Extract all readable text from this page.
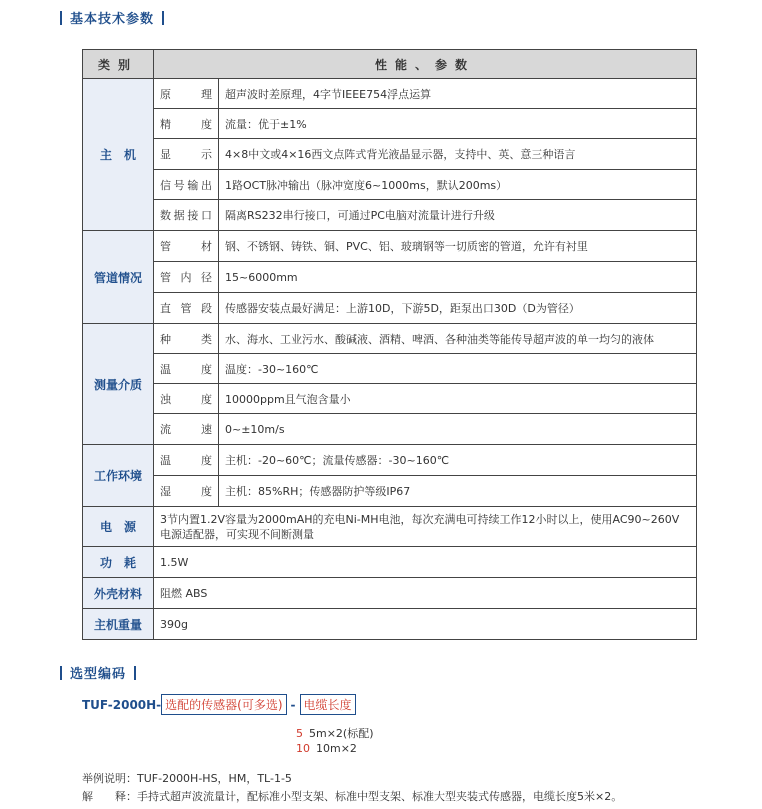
基本技术参数
类别	性能、参数	
主　机	原理	超声波时差原理，4字节IEEE754浮点运算
	精度	流量：优于±1%
	显示	4×8中文或4×16西文点阵式背光液晶显示器，支持中、英、意三种语言
	信号输出	1路OCT脉冲输出（脉冲宽度6~1000ms，默认200ms）
	数据接口	隔离RS232串行接口，可通过PC电脑对流量计进行升级
管道情况	管材	钢、不锈钢、铸铁、铜、PVC、铝、玻璃钢等一切质密的管道，允许有衬里
	管内径	15~6000mm
	直管段	传感器安装点最好满足：上游10D，下游5D，距泵出口30D（D为管径）
测量介质	种类	水、海水、工业污水、酸碱液、酒精、啤酒、各种油类等能传导超声波的单一均匀的液体
	温度	温度：-30~160℃
	浊度	10000ppm且气泡含量小
	流速	0~±10m/s
工作环境	温度	主机：-20~60℃；流量传感器：-30~160℃
	湿度	主机：85%RH；传感器防护等级IP67
电　源	3节内置1.2V容量为2000mAH的充电Ni-MH电池，每次充满电可持续工作12小时以上，使用AC90~260V电源适配器，可实现不间断测量	
功　耗	1.5W	
外壳材料	阻燃 ABS	
主机重量	390g	
选型编码
TUF-2000H- 选配的传感器(可多选) - 电缆长度
5 5m×2(标配)
10 10m×2
举例说明：TUF-2000H-HS，HM，TL-1-5
解　　释：手持式超声波流量计，配标准小型支架、标准中型支架、标准大型夹装式传感器，电缆长度5米×2。
